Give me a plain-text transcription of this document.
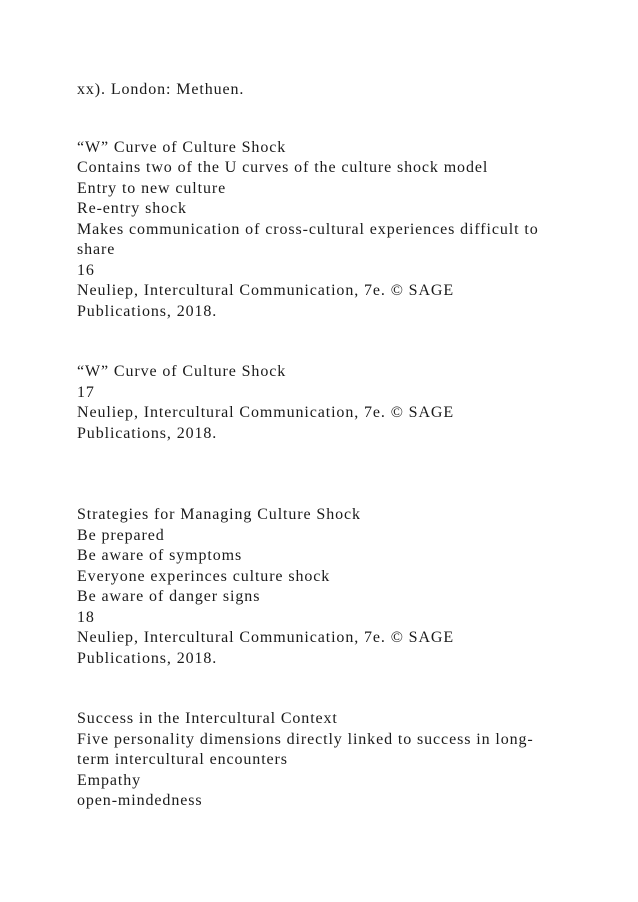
xx). London: Methuen.

“W” Curve of Culture Shock

Contains two of the U curves of the culture shock model

Entry to new culture

Re-entry shock

Makes communication of cross-cultural experiences difficult to

share

16

Neuliep, Intercultural Communication, 7e. © SAGE

Publications, 2018.

“W” Curve of Culture Shock

17

Neuliep, Intercultural Communication, 7e. © SAGE

Publications, 2018.

Strategies for Managing Culture Shock

Be prepared

Be aware of symptoms

Everyone experinces culture shock

Be aware of danger signs

18

Neuliep, Intercultural Communication, 7e. © SAGE

Publications, 2018.

Success in the Intercultural Context

Five personality dimensions directly linked to success in long-

term intercultural encounters

Empathy

open-mindedness
